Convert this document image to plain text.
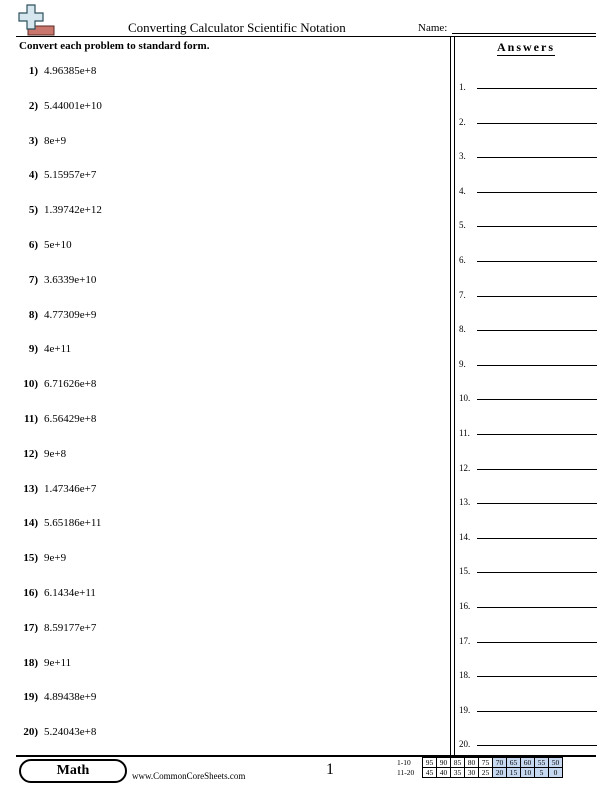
Converting Calculator Scientific Notation	Name:
Convert each problem to standard form.
1) 4.96385e+8
2) 5.44001e+10
3) 8e+9
4) 5.15957e+7
5) 1.39742e+12
6) 5e+10
7) 3.6339e+10
8) 4.77309e+9
9) 4e+11
10) 6.71626e+8
11) 6.56429e+8
12) 9e+8
13) 1.47346e+7
14) 5.65186e+11
15) 9e+9
16) 6.1434e+11
17) 8.59177e+7
18) 9e+11
19) 4.89438e+9
20) 5.24043e+8
Answers
1.
2.
3.
4.
5.
6.
7.
8.
9.
10.
11.
12.
13.
14.
15.
16.
17.
18.
19.
20.
Math	www.CommonCoreSheets.com	1	1-10	95	90	85	80	75	70	65	60	55	50
11-20	45	40	35	30	25	20	15	10	5	0
